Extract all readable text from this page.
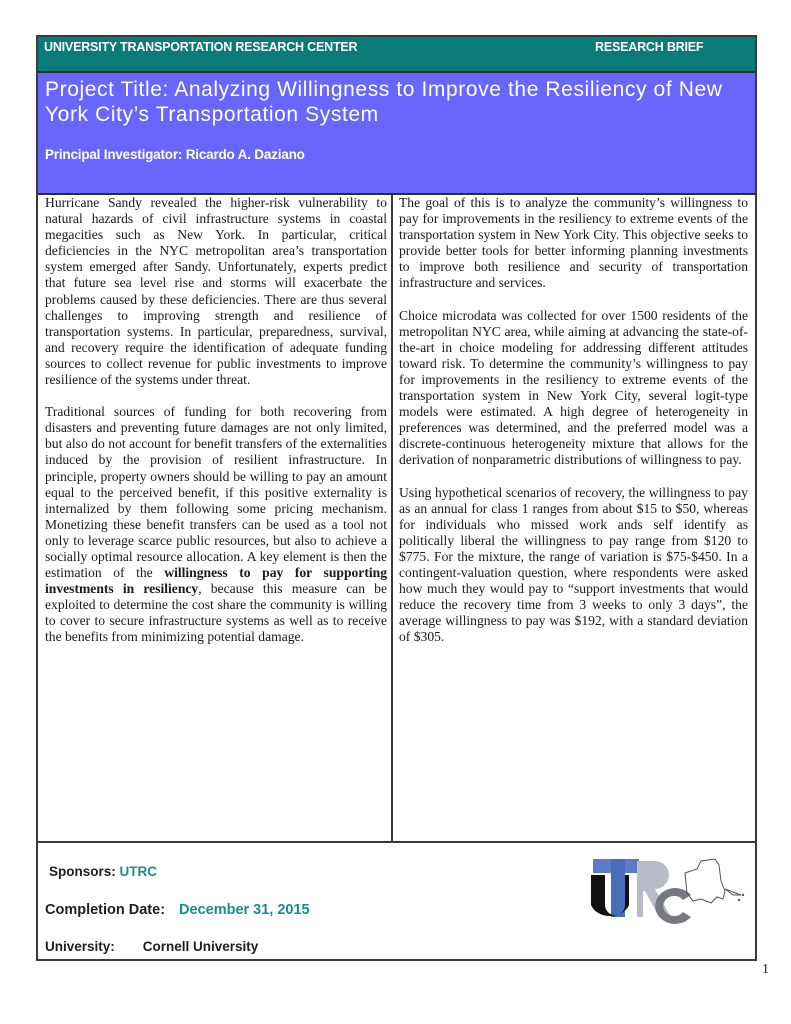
UNIVERSITY TRANSPORTATION RESEARCH CENTER	RESEARCH BRIEF
Project Title: Analyzing Willingness to Improve the Resiliency of New York City’s Transportation System
Principal Investigator: Ricardo A. Daziano

Hurricane Sandy revealed the higher-risk vulnerability to natural hazards of civil infrastructure systems in coastal megacities such as New York. In particular, critical deficiencies in the NYC metropolitan area’s transportation system emerged after Sandy. Unfortunately, experts predict that future sea level rise and storms will exacerbate the problems caused by these deficiencies. There are thus several challenges to improving strength and resilience of transportation systems. In particular, preparedness, survival, and recovery require the identification of adequate funding sources to collect revenue for public investments to improve resilience of the systems under threat.

Traditional sources of funding for both recovering from disasters and preventing future damages are not only limited, but also do not account for benefit transfers of the externalities induced by the provision of resilient infrastructure. In principle, property owners should be willing to pay an amount equal to the perceived benefit, if this positive externality is internalized by them following some pricing mechanism. Monetizing these benefit transfers can be used as a tool not only to leverage scarce public resources, but also to achieve a socially optimal resource allocation. A key element is then the estimation of the willingness to pay for supporting investments in resiliency, because this measure can be exploited to determine the cost share the community is willing to cover to secure infrastructure systems as well as to receive the benefits from minimizing potential damage.

The goal of this is to analyze the community’s willingness to pay for improvements in the resiliency to extreme events of the transportation system in New York City. This objective seeks to provide better tools for better informing planning investments to improve both resilience and security of transportation infrastructure and services.

Choice microdata was collected for over 1500 residents of the metropolitan NYC area, while aiming at advancing the state-of-the-art in choice modeling for addressing different attitudes toward risk. To determine the community’s willingness to pay for improvements in the resiliency to extreme events of the transportation system in New York City, several logit-type models were estimated. A high degree of heterogeneity in preferences was determined, and the preferred model was a discrete-continuous heterogeneity mixture that allows for the derivation of nonparametric distributions of willingness to pay.

Using hypothetical scenarios of recovery, the willingness to pay as an annual for class 1 ranges from about $15 to $50, whereas for individuals who missed work ands self identify as politically liberal the willingness to pay range from $120 to $775. For the mixture, the range of variation is $75-$450. In a contingent-valuation question, where respondents were asked how much they would pay to “support investments that would reduce the recovery time from 3 weeks to only 3 days”, the average willingness to pay was $192, with a standard deviation of $305.

Sponsors: UTRC
Completion Date: December 31, 2015
University: Cornell University
1
